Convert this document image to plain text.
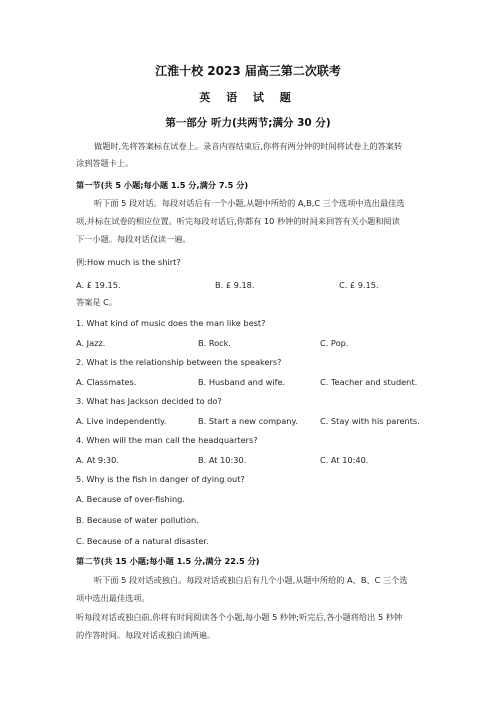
江淮十校 2023 届高三第二次联考
英 语 试 题
第一部分 听力(共两节;满分 30 分)
做题时,先将答案标在试卷上。录音内容结束后,你将有两分钟的时间将试卷上的答案转
涂到答题卡上。
第一节(共 5 小题;每小题 1.5 分,满分 7.5 分)
听下面 5 段对话。每段对话后有一个小题,从题中所给的 A,B,C 三个选项中选出最佳选
项,并标在试卷的相应位置。听完每段对话后,你都有 10 秒钟的时间来回答有关小题和阅读
下一小题。每段对话仅读一遍。
例:How much is the shirt?
A. £ 19.15.	B. £ 9.18.	C. £ 9.15.
答案是 C。
1. What kind of music does the man like best?
A. Jazz.	B. Rock.	C. Pop.
2. What is the relationship between the speakers?
A. Classmates.	B. Husband and wife.	C. Teacher and student.
3. What has Jackson decided to do?
A. Live independently.	B. Start a new company.	C. Stay with his parents.
4. When will the man call the headquarters?
A. At 9:30.	B. At 10:30.	C. At 10:40.
5. Why is the fish in danger of dying out?
A. Because of over-fishing.
B. Because of water pollution.
C. Because of a natural disaster.
第二节(共 15 小题;每小题 1.5 分,满分 22.5 分)
听下面 5 段对话或独白。每段对话或独白后有几个小题,从题中所给的 A、B、C 三个选
项中选出最佳选项。
听每段对话或独白前,你将有时间阅读各个小题,每小题 5 秒钟;听完后,各小题将给出 5 秒钟
的作答时间。每段对话或独白读两遍。
